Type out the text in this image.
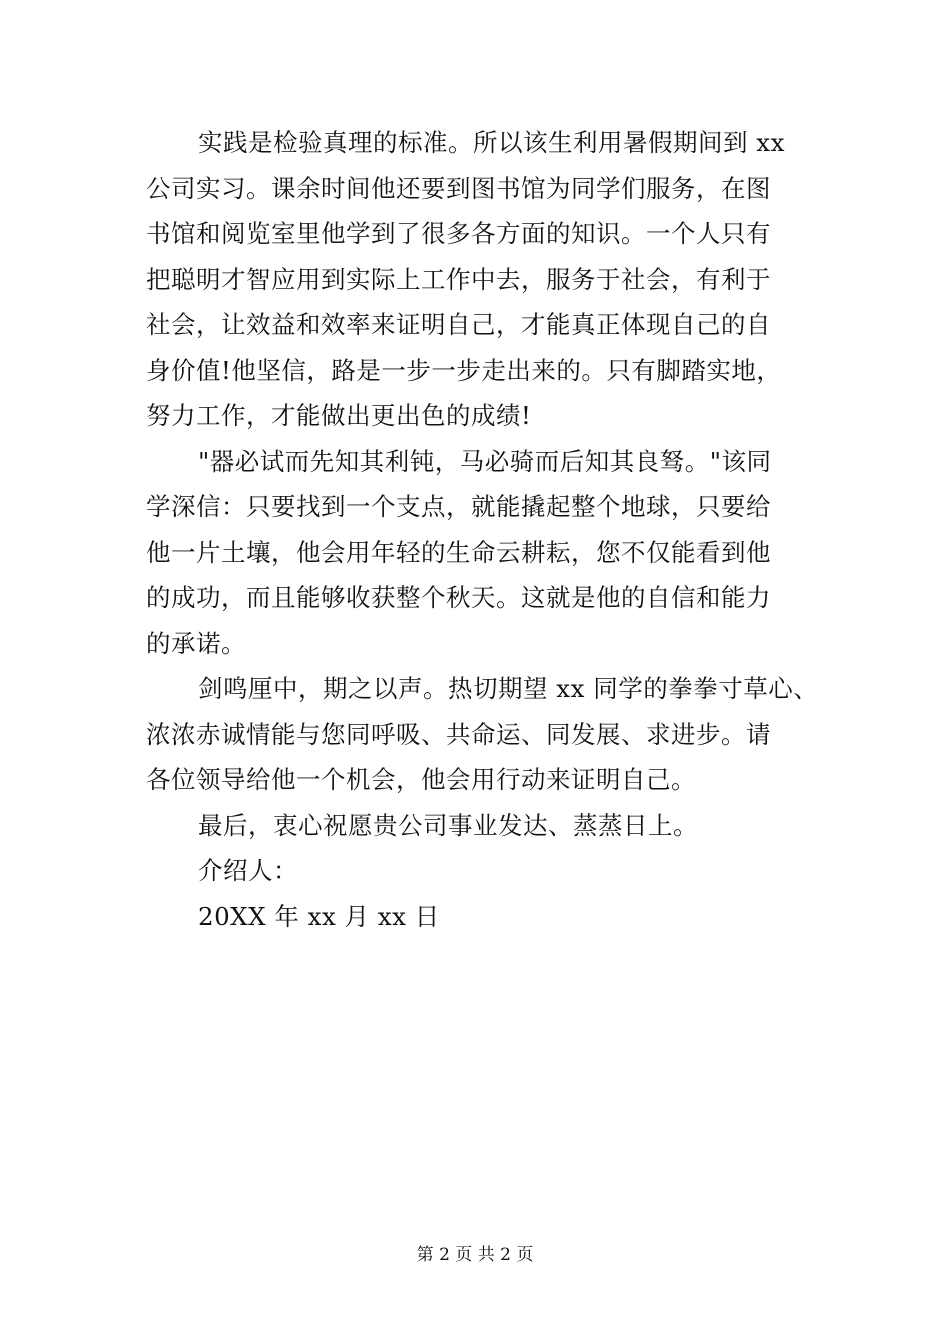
实践是检验真理的标准。所以该生利用暑假期间到 xx
公司实习。课余时间他还要到图书馆为同学们服务，在图
书馆和阅览室里他学到了很多各方面的知识。一个人只有
把聪明才智应用到实际上工作中去，服务于社会，有利于
社会，让效益和效率来证明自己，才能真正体现自己的自
身价值!他坚信，路是一步一步走出来的。只有脚踏实地，
努力工作，才能做出更出色的成绩!
"器必试而先知其利钝，马必骑而后知其良驽。"该同
学深信：只要找到一个支点，就能撬起整个地球，只要给
他一片土壤，他会用年轻的生命云耕耘，您不仅能看到他
的成功，而且能够收获整个秋天。这就是他的自信和能力
的承诺。
剑鸣厘中，期之以声。热切期望 xx 同学的拳拳寸草心、
浓浓赤诚情能与您同呼吸、共命运、同发展、求进步。请
各位领导给他一个机会，他会用行动来证明自己。
最后，衷心祝愿贵公司事业发达、蒸蒸日上。
介绍人：
20XX 年 xx 月 xx 日
第 2 页 共 2 页
